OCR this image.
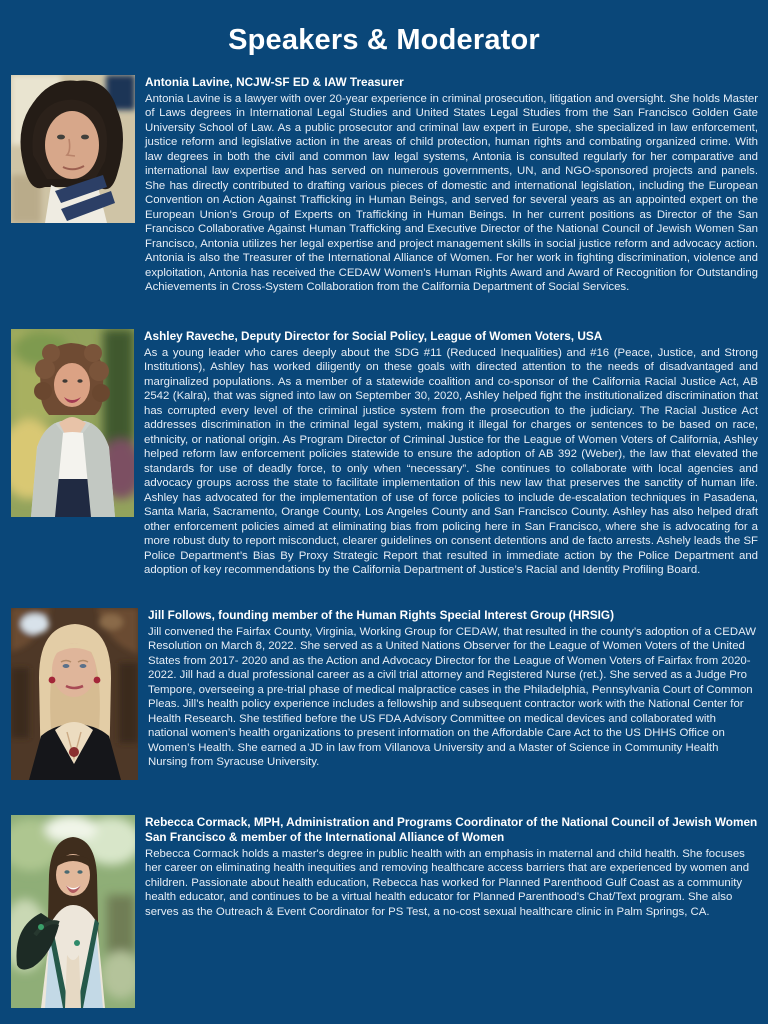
Speakers & Moderator

Antonia Lavine, NCJW-SF ED & IAW Treasurer

Antonia Lavine is a lawyer with over 20-year experience in criminal prosecution, litigation and oversight. She holds Master of Laws degrees in International Legal Studies and United States Legal Studies from the San Francisco Golden Gate University School of Law. As a public prosecutor and criminal law expert in Europe, she specialized in law enforcement, justice reform and legislative action in the areas of child protection, human rights and combating organized crime. With law degrees in both the civil and common law legal systems, Antonia is consulted regularly for her comparative and international law expertise and has served on numerous governments, UN, and NGO-sponsored projects and panels. She has directly contributed to drafting various pieces of domestic and international legislation, including the European Convention on Action Against Trafficking in Human Beings, and served for several years as an appointed expert on the European Union’s Group of Experts on Trafficking in Human Beings. In her current positions as Director of the San Francisco Collaborative Against Human Trafficking and Executive Director of the National Council of Jewish Women San Francisco, Antonia utilizes her legal expertise and project management skills in social justice reform and advocacy action. Antonia is also the Treasurer of the International Alliance of Women. For her work in fighting discrimination, violence and exploitation, Antonia has received the CEDAW Women’s Human Rights Award and Award of Recognition for Outstanding Achievements in Cross-System Collaboration from the California Department of Social Services.

Ashley Raveche, Deputy Director for Social Policy, League of Women Voters, USA

As a young leader who cares deeply about the SDG #11 (Reduced Inequalities) and #16 (Peace, Justice, and Strong Institutions), Ashley has worked diligently on these goals with directed attention to the needs of disadvantaged and marginalized populations. As a member of a statewide coalition and co-sponsor of the California Racial Justice Act, AB 2542 (Kalra), that was signed into law on September 30, 2020, Ashley helped fight the institutionalized discrimination that has corrupted every level of the criminal justice system from the prosecution to the judiciary. The Racial Justice Act addresses discrimination in the criminal legal system, making it illegal for charges or sentences to be based on race, ethnicity, or national origin. As Program Director of Criminal Justice for the League of Women Voters of California, Ashley helped reform law enforcement policies statewide to ensure the adoption of AB 392 (Weber), the law that elevated the standards for use of deadly force, to only when “necessary”. She continues to collaborate with local agencies and advocacy groups across the state to facilitate implementation of this new law that preserves the sanctity of human life. Ashley has advocated for the implementation of use of force policies to include de-escalation techniques in Pasadena, Santa Maria, Sacramento, Orange County, Los Angeles County and San Francisco County. Ashley has also helped draft other enforcement policies aimed at eliminating bias from policing here in San Francisco, where she is advocating for a more robust duty to report misconduct, clearer guidelines on consent detentions and de facto arrests. Ashely leads the SF Police Department’s Bias By Proxy Strategic Report that resulted in immediate action by the Police Department and adoption of key recommendations by the California Department of Justice’s Racial and Identity Profiling Board.

Jill Follows, founding member of the Human Rights Special Interest Group (HRSIG)

Jill convened the Fairfax County, Virginia, Working Group for CEDAW, that resulted in the county’s adoption of a CEDAW Resolution on March 8, 2022. She served as a United Nations Observer for the League of Women Voters of the United States from 2017- 2020 and as the Action and Advocacy Director for the League of Women Voters of Fairfax from 2020-2022. Jill had a dual professional career as a civil trial attorney and Registered Nurse (ret.). She served as a Judge Pro Tempore, overseeing a pre-trial phase of medical malpractice cases in the Philadelphia, Pennsylvania Court of Common Pleas. Jill’s health policy experience includes a fellowship and subsequent contractor work with the National Center for Health Research. She testified before the US FDA Advisory Committee on medical devices and collaborated with national women’s health organizations to present information on the Affordable Care Act to the US DHHS Office on Women’s Health. She earned a JD in law from Villanova University and a Master of Science in Community Health Nursing from Syracuse University.

Rebecca Cormack, MPH, Administration and Programs Coordinator of the National Council of Jewish Women San Francisco & member of the International Alliance of Women

Rebecca Cormack holds a master's degree in public health with an emphasis in maternal and child health. She focuses her career on eliminating health inequities and removing healthcare access barriers that are experienced by women and children. Passionate about health education, Rebecca has worked for Planned Parenthood Gulf Coast as a community health educator, and continues to be a virtual health educator for Planned Parenthood's Chat/Text program. She also serves as the Outreach & Event Coordinator for PS Test, a no-cost sexual healthcare clinic in Palm Springs, CA.
